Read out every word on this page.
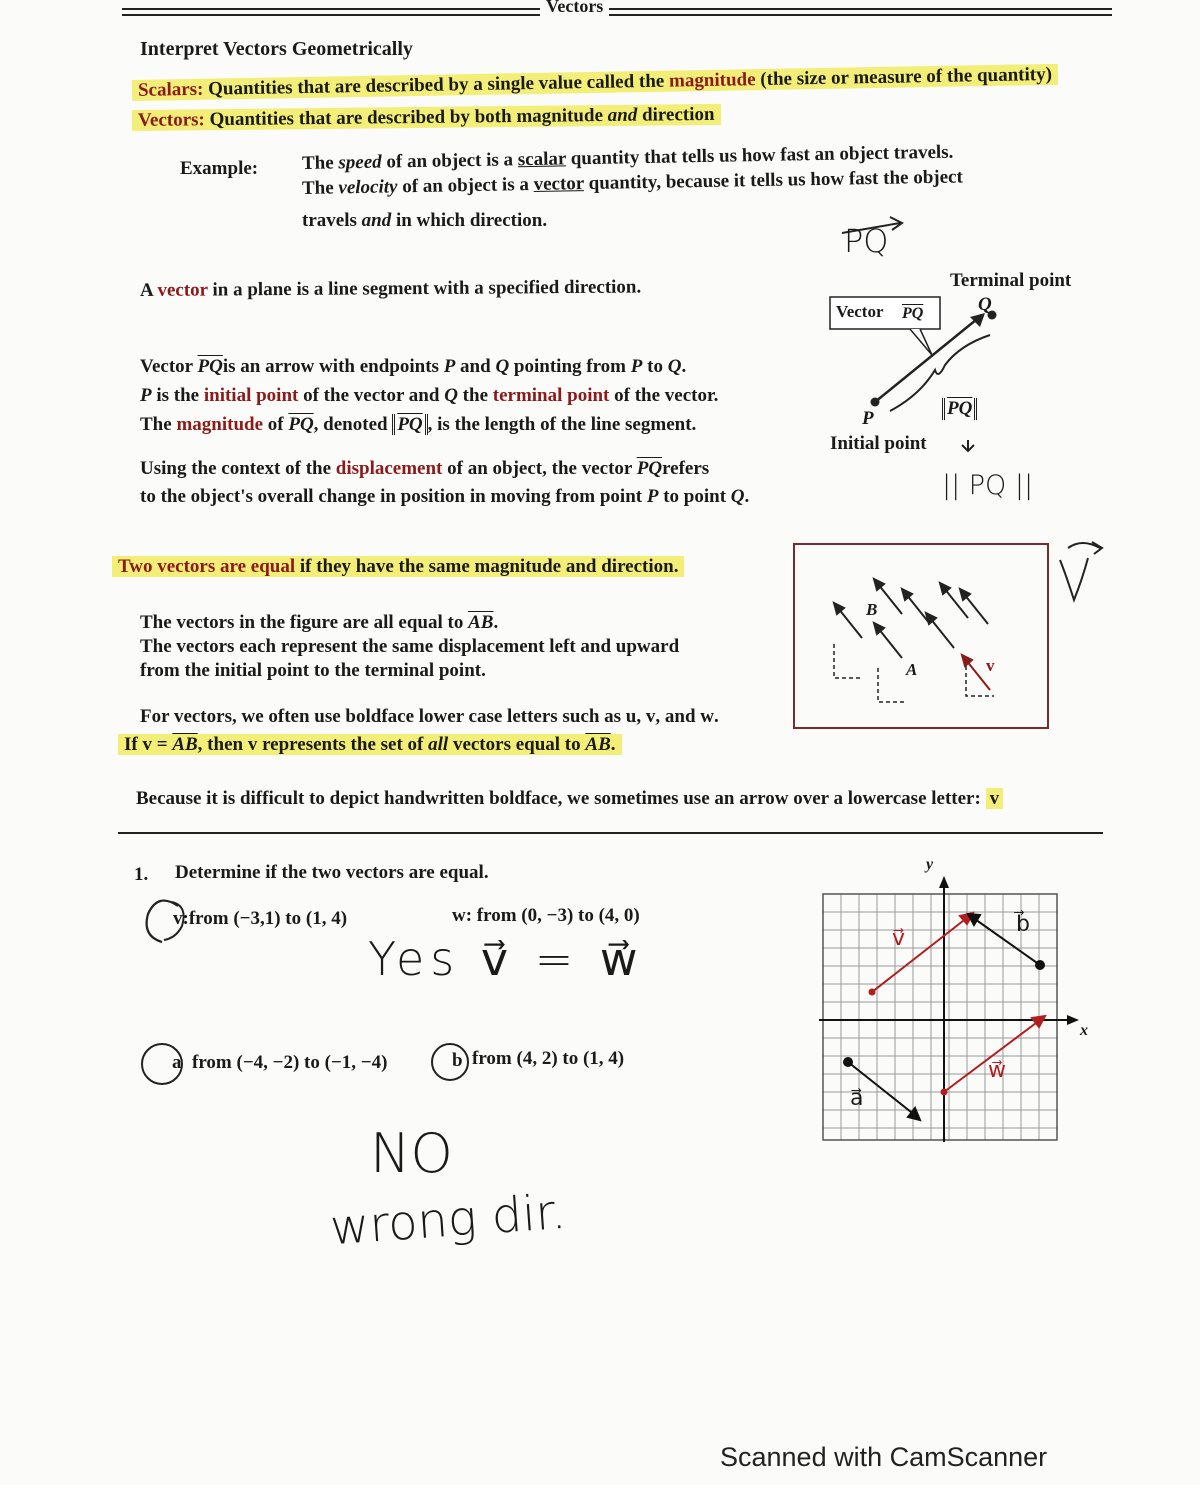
Vectors
Interpret Vectors Geometrically
Scalars: Quantities that are described by a single value called the magnitude (the size or measure of the quantity)
Vectors: Quantities that are described by both magnitude and direction
Example: The speed of an object is a scalar quantity that tells us how fast an object travels.
The velocity of an object is a vector quantity, because it tells us how fast the object
travels and in which direction.
A vector in a plane is a line segment with a specified direction.
Vector $\overline{PQ}is$ an arrow with endpoints P and Q pointing from P to Q.
P is the initial point of the vector and Q the terminal point of the vector.
The magnitude of $\overline{PQ}$, denoted $\overline{PQ}$ , is the length of the line segment.
Using the context of the displacement of an object, the vector $\overline{PQ}refers$
to the object's overall change in position in moving from point P to point Q.
PQ
Vector $\overline{PQ}$
Terminal point
Q
P
Initial point
$\overline{PQ}$
|| PQ ||
Two vectors are equal if they have the same magnitude and direction.
The vectors in the figure are all equal to $\overline{AB}$.
The vectors each represent the same displacement left and upward
from the initial point to the terminal point.
For vectors, we often use boldface lower case letters such as u, v, and w.
If $v = \overline{AB}$, then v represents the set of all vectors equal to $\overline{AB}$.
Because it is difficult to depict handwritten boldface, we sometimes use an arrow over a lowercase letter: v
B
A	v
1. Determine if the two vectors are equal.
v:from (−3,1) to (1, 4)	w: from (0, −3) to (4, 0)
Yes v⃗ = w⃗
a from (−4, −2) to (−1, −4)	b from (4, 2) to (1, 4)
NO
wrong dir.
y
x
v⃗
w⃗
b⃗
a⃗
Scanned with CamScanner
